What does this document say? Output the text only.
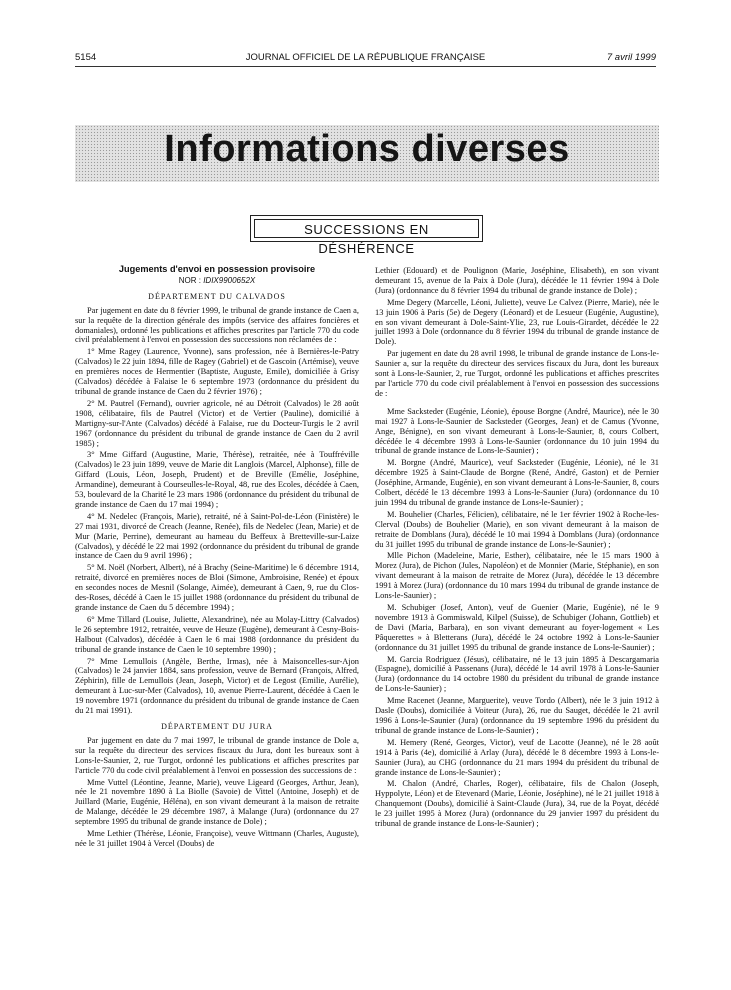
5154	JOURNAL OFFICIEL DE LA RÉPUBLIQUE FRANÇAISE	7 avril 1999
Informations diverses
SUCCESSIONS EN DÉSHÉRENCE
Jugements d'envoi en possession provisoire
NOR : IDIX9900652X
DÉPARTEMENT DU CALVADOS

Par jugement en date du 8 février 1999, le tribunal de grande instance de Caen a, sur la requête de la direction générale des impôts (service des affaires foncières et domaniales), ordonné les publications et affiches prescrites par l'article 770 du code civil préalablement à l'envoi en possession des successions non réclamées de :

1° Mme Ragey (Laurence, Yvonne), sans profession, née à Bernières-le-Patry (Calvados) le 22 juin 1894, fille de Ragey (Gabriel) et de Gascoin (Artémise), veuve en premières noces de Hermentier (Baptiste, Auguste, Emile), domiciliée à Grisy (Calvados) décédée à Falaise le 6 septembre 1973 (ordonnance du président du tribunal de grande instance de Caen du 2 février 1976) ;

2° M. Pautrel (Fernand), ouvrier agricole, né au Détroit (Calvados) le 28 août 1908, célibataire, fils de Pautrel (Victor) et de Vertier (Pauline), domicilié à Martigny-sur-l'Ante (Calvados) décédé à Falaise, rue du Docteur-Turgis le 2 avril 1967 (ordonnance du président du tribunal de grande instance de Caen du 2 avril 1985) ;

3° Mme Giffard (Augustine, Marie, Thérèse), retraitée, née à Touffréville (Calvados) le 23 juin 1899, veuve de Marie dit Langlois (Marcel, Alphonse), fille de Giffard (Louis, Léon, Joseph, Prudent) et de Breville (Emélie, Joséphine, Armandine), demeurant à Courseulles-le-Royal, 48, rue des Ecoles, décédée à Caen, 53, boulevard de la Charité le 23 mars 1986 (ordonnance du président du tribunal de grande instance de Caen du 17 mai 1994) ;

4° M. Nedelec (François, Marie), retraité, né à Saint-Pol-de-Léon (Finistère) le 27 mai 1931, divorcé de Creach (Jeanne, Renée), fils de Nedelec (Jean, Marie) et de Mur (Marie, Perrine), demeurant au hameau du Beffeux à Bretteville-sur-Laize (Calvados), y décédé le 22 mai 1992 (ordonnance du président du tribunal de grande instance de Caen du 9 avril 1996) ;

5° M. Noël (Norbert, Albert), né à Brachy (Seine-Maritime) le 6 décembre 1914, retraité, divorcé en premières noces de Bloi (Simone, Ambroisine, Renée) et époux en secondes noces de Mesnil (Solange, Aimée), demeurant à Caen, 9, rue du Clos-des-Roses, décédé à Caen le 15 juillet 1988 (ordonnance du président du tribunal de grande instance de Caen du 5 décembre 1994) ;

6° Mme Tillard (Louise, Juliette, Alexandrine), née au Molay-Littry (Calvados) le 26 septembre 1912, retraitée, veuve de Heuze (Eugène), demeurant à Cesny-Bois-Halbout (Calvados), décédée à Caen le 6 mai 1988 (ordonnance du président du tribunal de grande instance de Caen le 10 septembre 1990) ;

7° Mme Lemullois (Angèle, Berthe, Irmas), née à Maisoncelles-sur-Ajon (Calvados) le 24 janvier 1884, sans profession, veuve de Bernard (François, Alfred, Zéphirin), fille de Lemullois (Jean, Joseph, Victor) et de Legost (Emilie, Aurélie), demeurant à Luc-sur-Mer (Calvados), 10, avenue Pierre-Laurent, décédée à Caen le 19 novembre 1971 (ordonnance du président du tribunal de grande instance de Caen du 21 mai 1991).

DÉPARTEMENT DU JURA

Par jugement en date du 7 mai 1997, le tribunal de grande instance de Dole a, sur la requête du directeur des services fiscaux du Jura, dont les bureaux sont à Lons-le-Saunier, 2, rue Turgot, ordonné les publications et affiches prescrites par l'article 770 du code civil préalablement à l'envoi en possession des successions de :

Mme Vuttel (Léontine, Jeanne, Marie), veuve Ligeard (Georges, Arthur, Jean), née le 21 novembre 1890 à La Biolle (Savoie) de Vittel (Antoine, Joseph) et de Juillard (Marie, Eugénie, Héléna), en son vivant demeurant à la maison de retraite de Malange, décédée le 29 décembre 1987, à Malange (Jura) (ordonnance du 27 septembre 1995 du tribunal de grande instance de Dole) ;

Mme Lethier (Thérèse, Léonie, Françoise), veuve Wittmann (Charles, Auguste), née le 31 juillet 1904 à Vercel (Doubs) de

Lethier (Edouard) et de Poulignon (Marie, Joséphine, Elisabeth), en son vivant demeurant 15, avenue de la Paix à Dole (Jura), décédée le 11 février 1994 à Dole (Jura) (ordonnance du 8 février 1994 du tribunal de grande instance de Dole) ;

Mme Degery (Marcelle, Léoni, Juliette), veuve Le Calvez (Pierre, Marie), née le 13 juin 1906 à Paris (5e) de Degery (Léonard) et de Lesueur (Eugénie, Augustine), en son vivant demeurant à Dole-Saint-Ylie, 23, rue Louis-Girardet, décédée le 22 juillet 1993 à Dole (ordonnance du 8 février 1994 du tribunal de grande instance de Dole).

Par jugement en date du 28 avril 1998, le tribunal de grande instance de Lons-le-Saunier a, sur la requête du directeur des services fiscaux du Jura, dont les bureaux sont à Lons-le-Saunier, 2, rue Turgot, ordonné les publications et affiches prescrites par l'article 770 du code civil préalablement à l'envoi en possession des successions de :

Mme Sacksteder (Eugénie, Léonie), épouse Borgne (André, Maurice), née le 30 mai 1927 à Lons-le-Saunier de Sacksteder (Georges, Jean) et de Camus (Yvonne, Ange, Bénigne), en son vivant demeurant à Lons-le-Saunier, 8, cours Colbert, décédée le 4 décembre 1993 à Lons-le-Saunier (ordonnance du 10 juin 1994 du tribunal de grande instance de Lons-le-Saunier) ;

M. Borgne (André, Maurice), veuf Sacksteder (Eugénie, Léonie), né le 31 décembre 1925 à Saint-Claude de Borgne (René, André, Gaston) et de Pernier (Joséphine, Armande, Eugénie), en son vivant demeurant à Lons-le-Saunier, 8, cours Colbert, décédé le 13 décembre 1993 à Lons-le-Saunier (Jura) (ordonnance du 10 juin 1994 du tribunal de grande instance de Lons-le-Saunier) ;

M. Bouhelier (Charles, Félicien), célibataire, né le 1er février 1902 à Roche-les-Clerval (Doubs) de Bouhelier (Marie), en son vivant demeurant à la maison de retraite de Domblans (Jura), décédé le 10 mai 1994 à Domblans (Jura) (ordonnance du 31 juillet 1995 du tribunal de grande instance de Lons-le-Saunier) ;

Mlle Pichon (Madeleine, Marie, Esther), célibataire, née le 15 mars 1900 à Morez (Jura), de Pichon (Jules, Napoléon) et de Monnier (Marie, Stéphanie), en son vivant demeurant à la maison de retraite de Morez (Jura), décédée le 13 décembre 1991 à Morez (Jura) (ordonnance du 10 mars 1994 du tribunal de grande instance de Lons-le-Saunier) ;

M. Schubiger (Josef, Anton), veuf de Guenier (Marie, Eugénie), né le 9 novembre 1913 à Gommiswald, Kilpel (Suisse), de Schubiger (Johann, Gottlieb) et de Davi (Maria, Barbara), en son vivant demeurant au foyer-logement « Les Pâquerettes » à Bletterans (Jura), décédé le 24 octobre 1992 à Lons-le-Saunier (ordonnance du 31 juillet 1995 du tribunal de grande instance de Lons-le-Saunier) ;

M. Garcia Rodriguez (Jésus), célibataire, né le 13 juin 1895 à Descargamaria (Espagne), domicilié à Passenans (Jura), décédé le 14 avril 1978 à Lons-le-Saunier (Jura) (ordonnance du 14 octobre 1980 du président du tribunal de grande instance de Lons-le-Saunier) ;

Mme Racenet (Jeanne, Marguerite), veuve Tordo (Albert), née le 3 juin 1912 à Dasle (Doubs), domiciliée à Voiteur (Jura), 26, rue du Sauget, décédée le 21 avril 1996 à Lons-le-Saunier (Jura) (ordonnance du 19 septembre 1996 du président du tribunal de grande instance de Lons-le-Saunier) ;

M. Hemery (René, Georges, Victor), veuf de Lacotte (Jeanne), né le 28 août 1914 à Paris (4e), domicilié à Arlay (Jura), décédé le 8 décembre 1993 à Lons-le-Saunier (Jura), au CHG (ordonnance du 21 mars 1994 du président du tribunal de grande instance de Lons-le-Saunier) ;

M. Chalon (André, Charles, Roger), célibataire, fils de Chalon (Joseph, Hyppolyte, Léon) et de Etevenard (Marie, Léonie, Joséphine), né le 21 juillet 1918 à Chanquemont (Doubs), domicilié à Saint-Claude (Jura), 34, rue de la Poyat, décédé le 23 juillet 1995 à Morez (Jura) (ordonnance du 29 janvier 1997 du président du tribunal de grande instance de Lons-le-Saunier) ;
